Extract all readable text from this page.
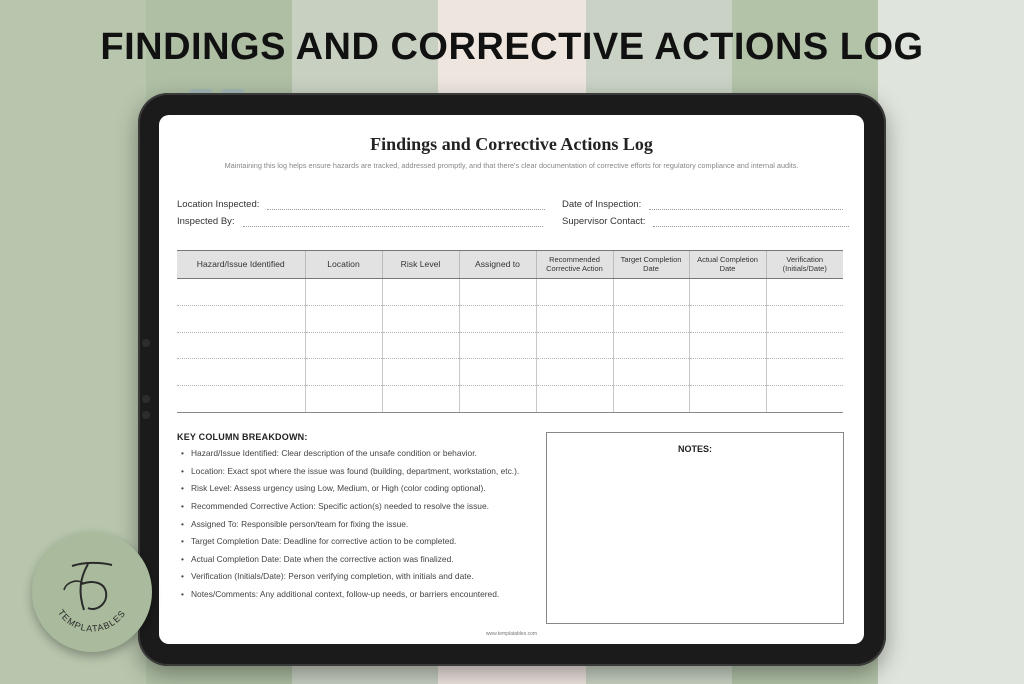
FINDINGS AND CORRECTIVE ACTIONS LOG
Findings and Corrective Actions Log
Maintaining this log helps ensure hazards are tracked, addressed promptly, and that there's clear documentation of corrective efforts for regulatory compliance and internal audits.
Location Inspected:
Inspected By:
Date of Inspection:
Supervisor Contact:
Hazard/Issue Identified	Location	Risk Level	Assigned to	Recommended Corrective Action	Target Completion Date	Actual Completion Date	Verification (Initials/Date)

KEY COLUMN BREAKDOWN:
• Hazard/Issue Identified: Clear description of the unsafe condition or behavior.
• Location: Exact spot where the issue was found (building, department, workstation, etc.).
• Risk Level: Assess urgency using Low, Medium, or High (color coding optional).
• Recommended Corrective Action: Specific action(s) needed to resolve the issue.
• Assigned To: Responsible person/team for fixing the issue.
• Target Completion Date: Deadline for corrective action to be completed.
• Actual Completion Date: Date when the corrective action was finalized.
• Verification (Initials/Date): Person verifying completion, with initials and date.
• Notes/Comments: Any additional context, follow-up needs, or barriers encountered.
NOTES:
www.templatables.com
TEMPLATABLES
